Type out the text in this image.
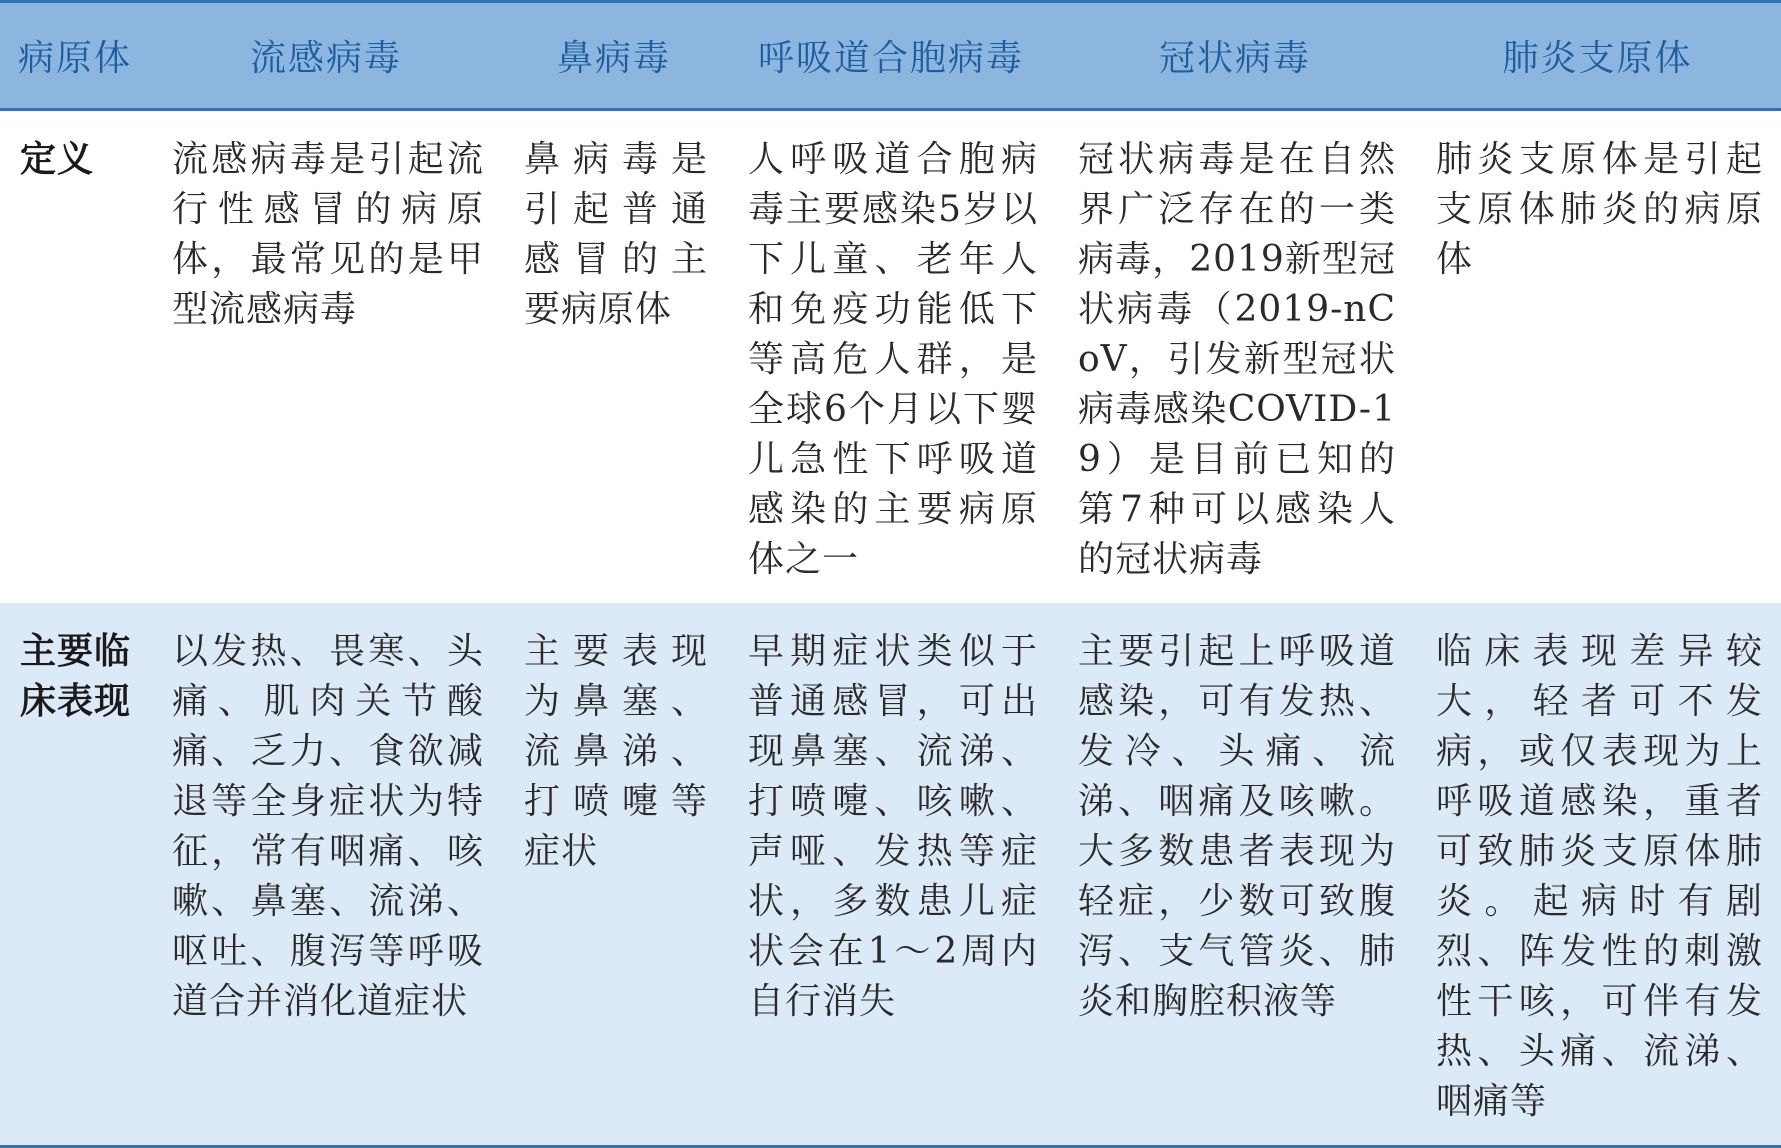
病原体	流感病毒	鼻病毒	呼吸道合胞病毒	冠状病毒	肺炎支原体
定义	流感病毒是引起流行性感冒的病原体，最常见的是甲型流感病毒	鼻病毒是引起普通感冒的主要病原体	人呼吸道合胞病毒主要感染5岁以下儿童、老年人和免疫功能低下等高危人群，是全球6个月以下婴儿急性下呼吸道感染的主要病原体之一	冠状病毒是在自然界广泛存在的一类病毒，2019新型冠状病毒（2019-nCoV，引发新型冠状病毒感染COVID-19）是目前已知的第7种可以感染人的冠状病毒	肺炎支原体是引起支原体肺炎的病原体
主要临床表现	以发热、畏寒、头痛、肌肉关节酸痛、乏力、食欲减退等全身症状为特征，常有咽痛、咳嗽、鼻塞、流涕、呕吐、腹泻等呼吸道合并消化道症状	主要表现为鼻塞、流鼻涕、打喷嚏等症状	早期症状类似于普通感冒，可出现鼻塞、流涕、打喷嚏、咳嗽、声哑、发热等症状，多数患儿症状会在1～2周内自行消失	主要引起上呼吸道感染，可有发热、发冷、头痛、流涕、咽痛及咳嗽。大多数患者表现为轻症，少数可致腹泻、支气管炎、肺炎和胸腔积液等	临床表现差异较大，轻者可不发病，或仅表现为上呼吸道感染，重者可致肺炎支原体肺炎。起病时有剧烈、阵发性的刺激性干咳，可伴有发热、头痛、流涕、咽痛等
